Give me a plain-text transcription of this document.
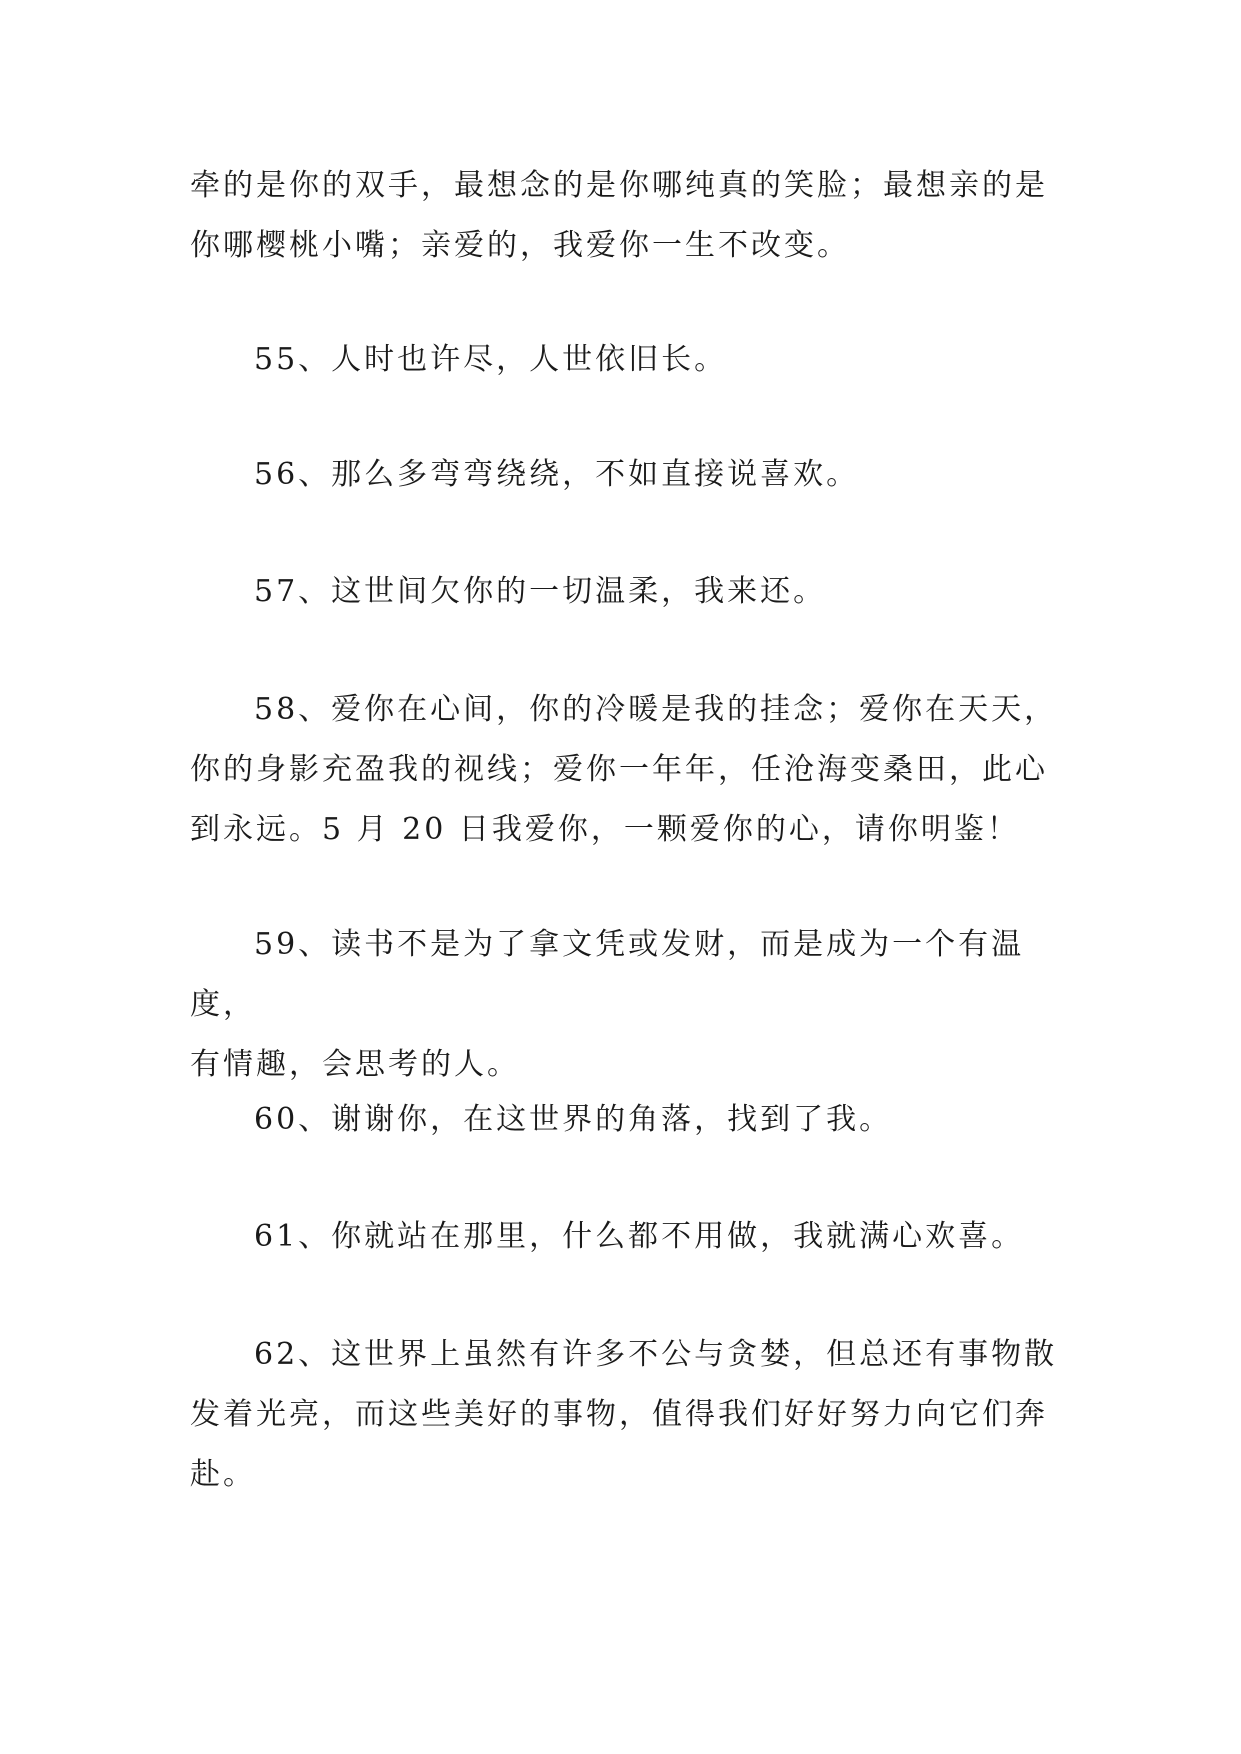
牵的是你的双手，最想念的是你哪纯真的笑脸；最想亲的是
你哪樱桃小嘴；亲爱的，我爱你一生不改变。

55、人时也许尽，人世依旧长。

56、那么多弯弯绕绕，不如直接说喜欢。

57、这世间欠你的一切温柔，我来还。

58、爱你在心间，你的冷暖是我的挂念；爱你在天天，
你的身影充盈我的视线；爱你一年年，任沧海变桑田，此心
到永远。5 月 20 日我爱你，一颗爱你的心，请你明鉴！

59、读书不是为了拿文凭或发财，而是成为一个有温度，
有情趣，会思考的人。

60、谢谢你，在这世界的角落，找到了我。

61、你就站在那里，什么都不用做，我就满心欢喜。

62、这世界上虽然有许多不公与贪婪，但总还有事物散
发着光亮，而这些美好的事物，值得我们好好努力向它们奔
赴。
